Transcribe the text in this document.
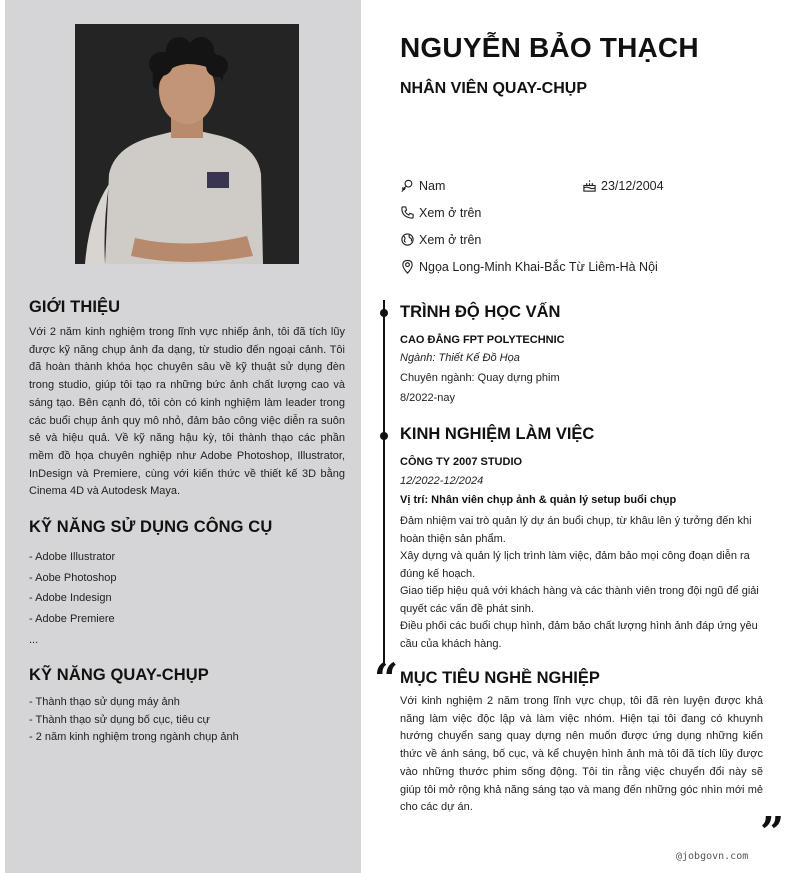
GIỚI THIỆU

Với 2 năm kinh nghiệm trong lĩnh vực nhiếp ảnh, tôi đã tích lũy được kỹ năng chụp ảnh đa dạng, từ studio đến ngoại cảnh. Tôi đã hoàn thành khóa học chuyên sâu về kỹ thuật sử dụng đèn trong studio, giúp tôi tạo ra những bức ảnh chất lượng cao và sáng tạo. Bên cạnh đó, tôi còn có kinh nghiệm làm leader trong các buổi chụp ảnh quy mô nhỏ, đảm bảo công việc diễn ra suôn sẻ và hiệu quả. Về kỹ năng hậu kỳ, tôi thành thạo các phần mềm đồ họa chuyên nghiệp như Adobe Photoshop, Illustrator, InDesign và Premiere, cùng với kiến thức về thiết kế 3D bằng Cinema 4D và Autodesk Maya.

KỸ NĂNG SỬ DỤNG CÔNG CỤ
- Adobe Illustrator
- Aobe Photoshop
- Adobe Indesign
- Adobe Premiere
...
KỸ NĂNG QUAY-CHỤP
- Thành thạo sử dụng máy ảnh
- Thành thạo sử dụng bố cục, tiêu cự
- 2 năm kinh nghiệm trong ngành chụp ảnh
NGUYỄN BẢO THẠCH
NHÂN VIÊN QUAY-CHỤP
Nam	23/12/2004
Xem ở trên
Xem ở trên
Ngọa Long-Minh Khai-Bắc Từ Liêm-Hà Nội
TRÌNH ĐỘ HỌC VẤN
CAO ĐẲNG FPT POLYTECHNIC
Ngành: Thiết Kế Đồ Họa
Chuyên ngành: Quay dựng phim
8/2022-nay
KINH NGHIỆM LÀM VIỆC
CÔNG TY 2007 STUDIO
12/2022-12/2024
Vị trí: Nhân viên chụp ảnh & quản lý setup buổi chụp

Đảm nhiệm vai trò quản lý dự án buổi chụp, từ khâu lên ý tưởng đến khi hoàn thiện sản phẩm.

Xây dựng và quản lý lịch trình làm việc, đảm bảo mọi công đoạn diễn ra đúng kế hoạch.

Giao tiếp hiệu quả với khách hàng và các thành viên trong đội ngũ để giải quyết các vấn đề phát sinh.

Điều phối các buổi chụp hình, đảm bảo chất lượng hình ảnh đáp ứng yêu cầu của khách hàng.

“ MỤC TIÊU NGHỀ NGHIỆP

Với kinh nghiệm 2 năm trong lĩnh vực chụp, tôi đã rèn luyện được khả năng làm việc độc lập và làm việc nhóm. Hiện tại tôi đang có khuynh hướng chuyển sang quay dựng nên muốn được ứng dụng những kiến thức về ánh sáng, bố cục, và kể chuyện hình ảnh mà tôi đã tích lũy được vào những thước phim sống động. Tôi tin rằng việc chuyển đổi này sẽ giúp tôi mở rộng khả năng sáng tạo và mang đến những góc nhìn mới mẻ cho các dự án.

”
@jobgovn.com
